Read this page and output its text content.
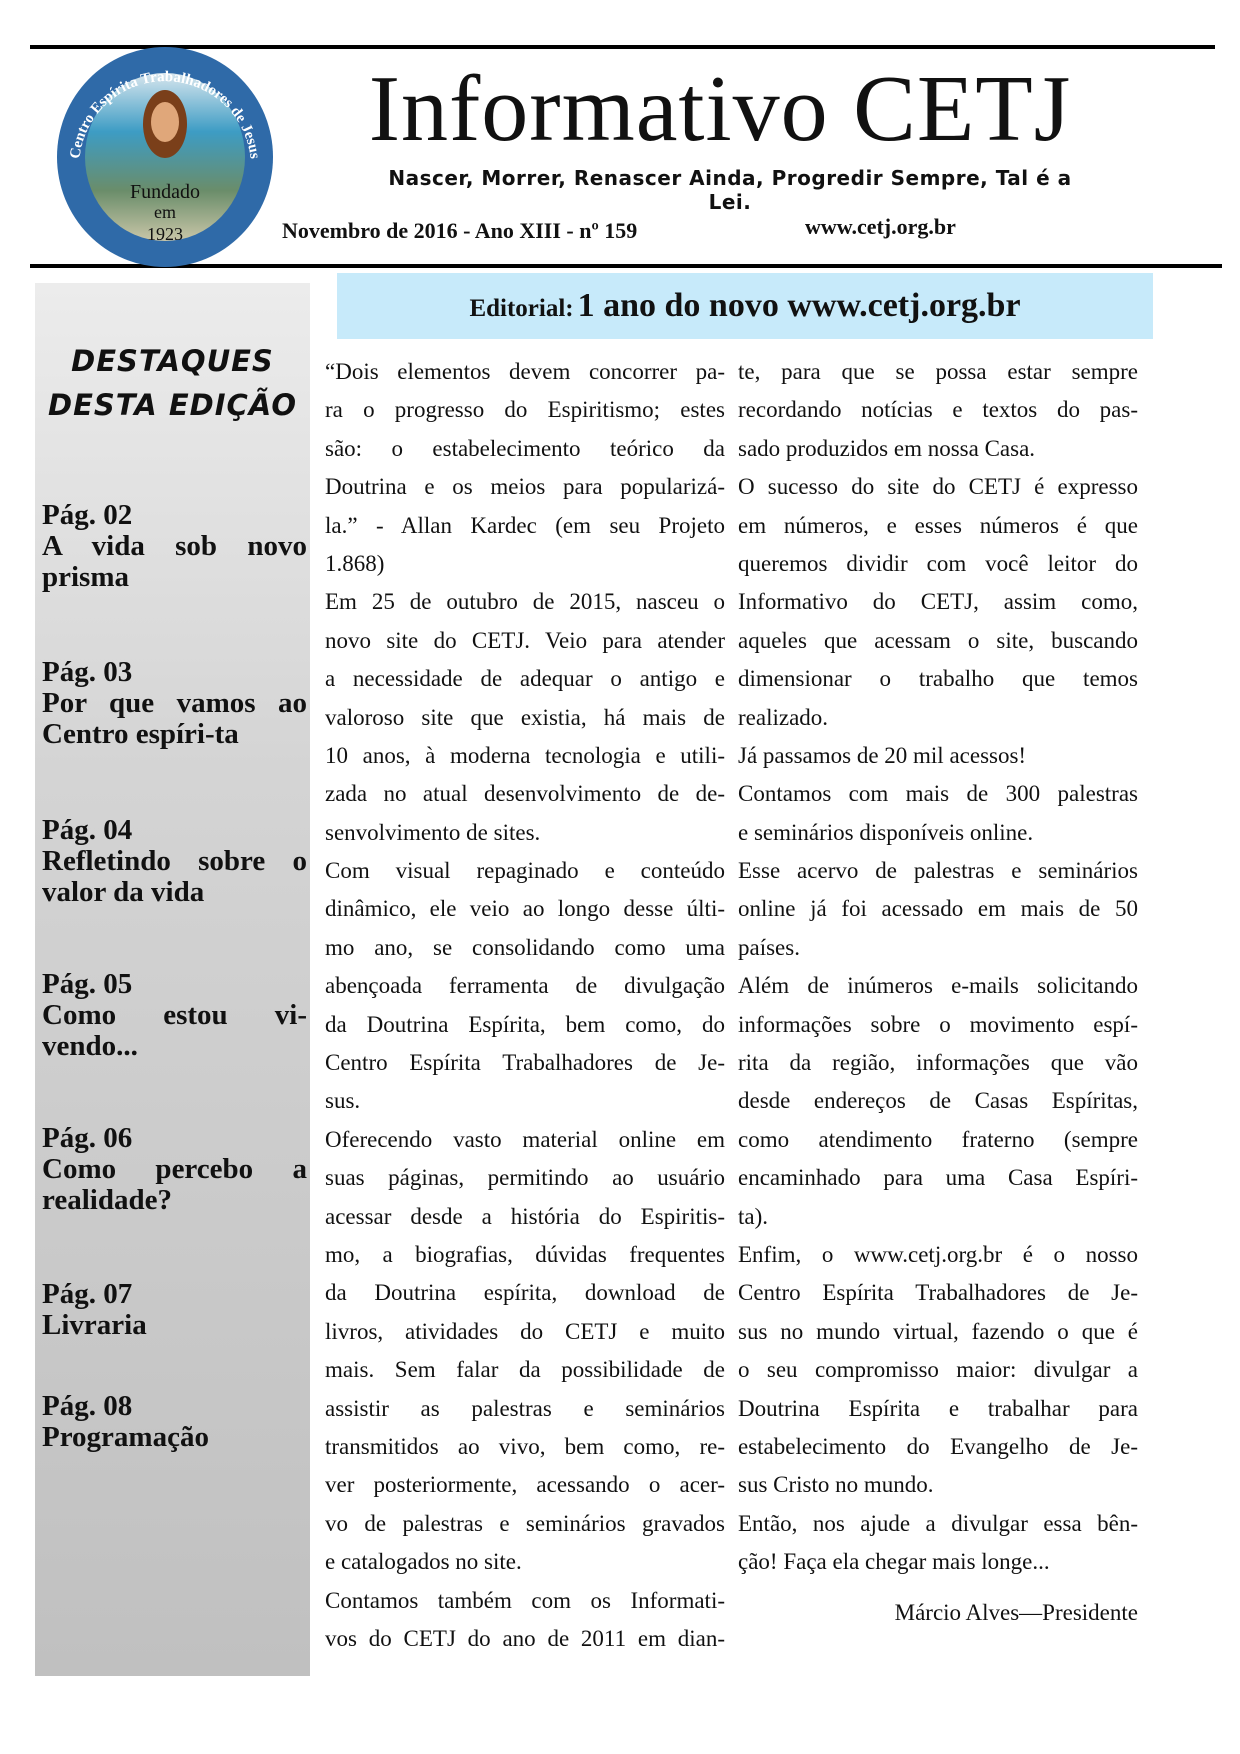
Centro Espírita Trabalhadores de Jesus
Fundado
em
1923
Informativo CETJ
Nascer, Morrer, Renascer Ainda, Progredir Sempre, Tal é a Lei.
Novembro de 2016 - Ano XIII - nº 159	www.cetj.org.br
DESTAQUES
DESTA EDIÇÃO
Pág. 02
A vida sob novo prisma
Pág. 03
Por que vamos ao Centro espíri-ta
Pág. 04
Refletindo sobre o valor da vida
Pág. 05
Como estou vi-vendo...
Pág. 06
Como percebo a realidade?
Pág. 07
Livraria
Pág. 08
Programação
Editorial: 1 ano do novo www.cetj.org.br
“Dois elementos devem concorrer pa-
ra o progresso do Espiritismo; estes
são: o estabelecimento teórico da
Doutrina e os meios para popularizá-
la.” - Allan Kardec (em seu Projeto
1.868)
Em 25 de outubro de 2015, nasceu o
novo site do CETJ. Veio para atender
a necessidade de adequar o antigo e
valoroso site que existia, há mais de
10 anos, à moderna tecnologia e utili-
zada no atual desenvolvimento de de-
senvolvimento de sites.
Com visual repaginado e conteúdo
dinâmico, ele veio ao longo desse últi-
mo ano, se consolidando como uma
abençoada ferramenta de divulgação
da Doutrina Espírita, bem como, do
Centro Espírita Trabalhadores de Je-
sus.
Oferecendo vasto material online em
suas páginas, permitindo ao usuário
acessar desde a história do Espiritis-
mo, a biografias, dúvidas frequentes
da Doutrina espírita, download de
livros, atividades do CETJ e muito
mais. Sem falar da possibilidade de
assistir as palestras e seminários
transmitidos ao vivo, bem como, re-
ver posteriormente, acessando o acer-
vo de palestras e seminários gravados
e catalogados no site.
Contamos também com os Informati-
vos do CETJ do ano de 2011 em dian-
te, para que se possa estar sempre
recordando notícias e textos do pas-
sado produzidos em nossa Casa.
O sucesso do site do CETJ é expresso
em números, e esses números é que
queremos dividir com você leitor do
Informativo do CETJ, assim como,
aqueles que acessam o site, buscando
dimensionar o trabalho que temos
realizado.
Já passamos de 20 mil acessos!
Contamos com mais de 300 palestras
e seminários disponíveis online.
Esse acervo de palestras e seminários
online já foi acessado em mais de 50
países.
Além de inúmeros e-mails solicitando
informações sobre o movimento espí-
rita da região, informações que vão
desde endereços de Casas Espíritas,
como atendimento fraterno (sempre
encaminhado para uma Casa Espíri-
ta).
Enfim, o www.cetj.org.br é o nosso
Centro Espírita Trabalhadores de Je-
sus no mundo virtual, fazendo o que é
o seu compromisso maior: divulgar a
Doutrina Espírita e trabalhar para
estabelecimento do Evangelho de Je-
sus Cristo no mundo.
Então, nos ajude a divulgar essa bên-
ção! Faça ela chegar mais longe...
Márcio Alves—Presidente
